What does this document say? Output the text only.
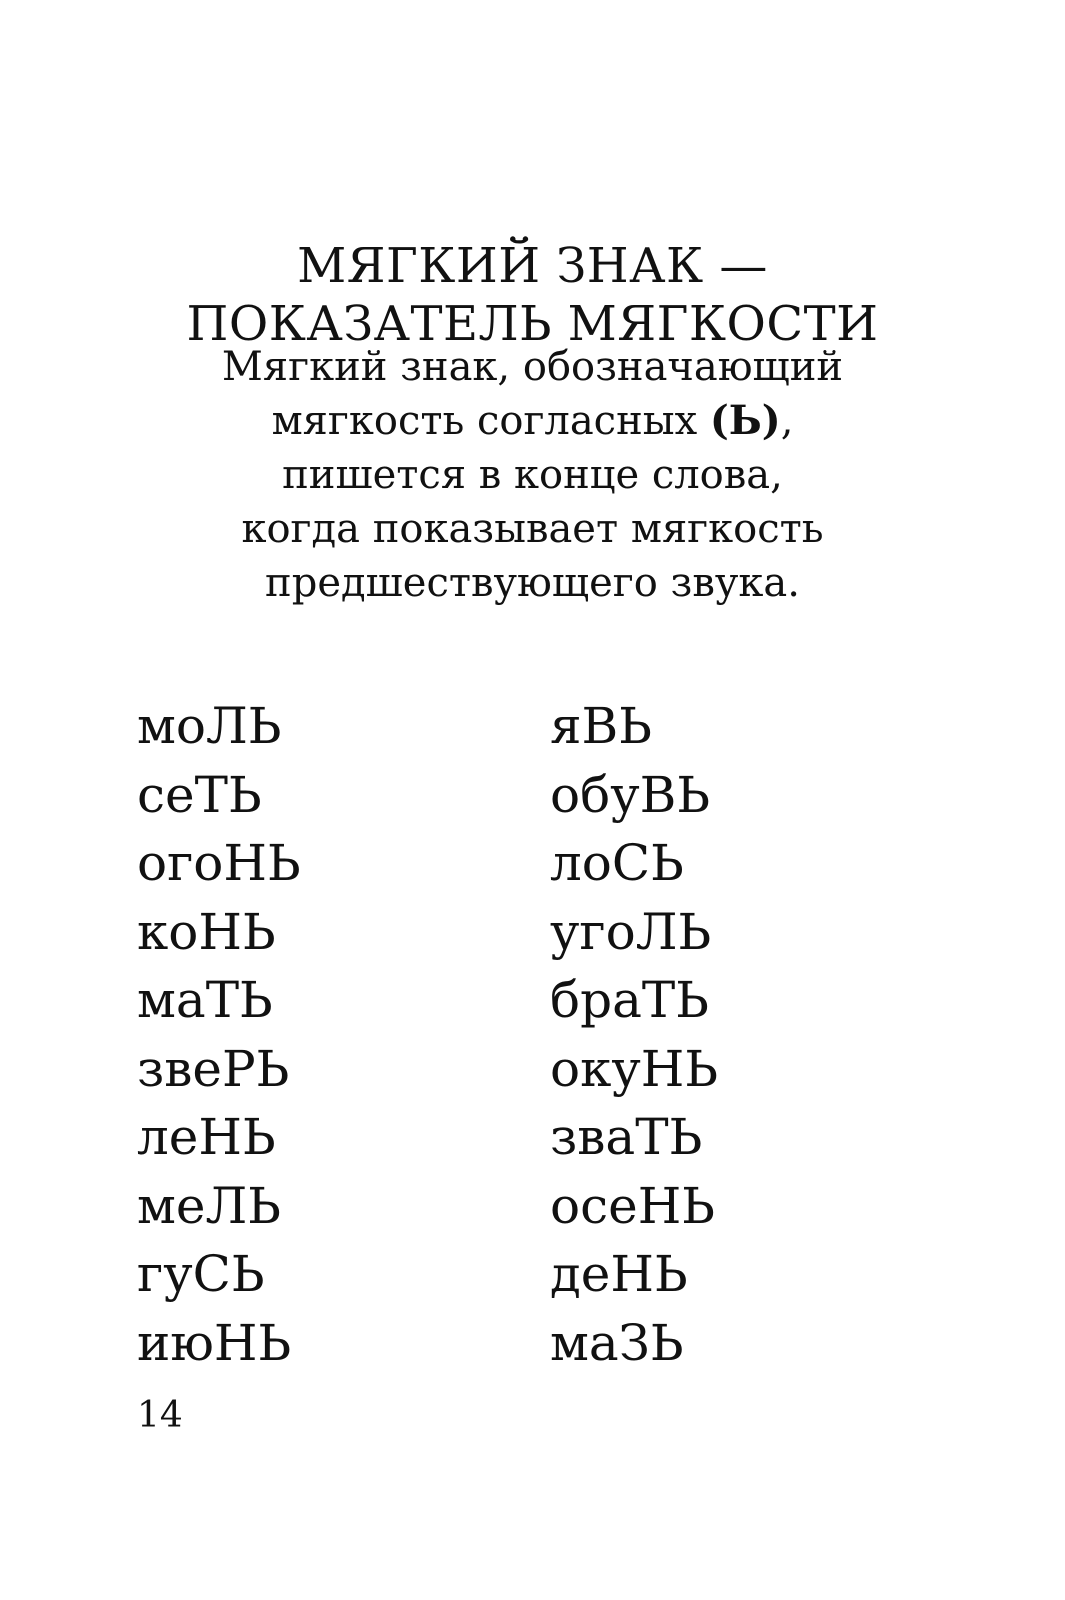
МЯГКИЙ ЗНАК —
ПОКАЗАТЕЛЬ МЯГКОСТИ
Мягкий знак, обозначающий
мягкость согласных (Ь),
пишется в конце слова,
когда показывает мягкость
предшествующего звука.
моЛЬ
сеТЬ
огоНЬ
коНЬ
маТЬ
звеРЬ
леНЬ
меЛЬ
гуСЬ
июНЬ
яВЬ
обуВЬ
лоСЬ
угоЛЬ
браТЬ
окуНЬ
зваТЬ
осеНЬ
деНЬ
маЗЬ
14
